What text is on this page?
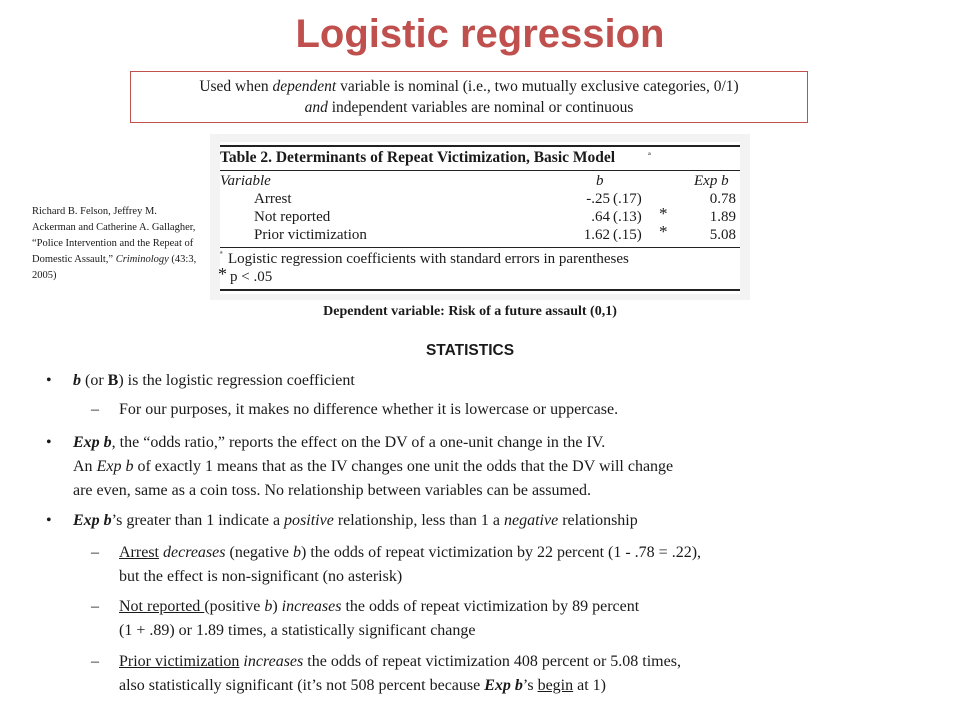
Logistic regression
Used when dependent variable is nominal (i.e., two mutually exclusive categories, 0/1)
and independent variables are nominal or continuous
Richard B. Felson, Jeffrey M. Ackerman and Catherine A. Gallagher, “Police Intervention and the Repeat of Domestic Assault,” Criminology (43:3, 2005)
Table 2. Determinants of Repeat Victimization, Basic Model	ª
Variable	b	Exp b
Arrest	-.25 (.17)	0.78
Not reported	.64 (.13) *	1.89
Prior victimization	1.62 (.15) *	5.08
ª Logistic regression coefficients with standard errors in parentheses
* p < .05
Dependent variable: Risk of a future assault (0,1)
STATISTICS
• b (or B) is the logistic regression coefficient
– For our purposes, it makes no difference whether it is lowercase or uppercase.
• Exp b, the “odds ratio,” reports the effect on the DV of a one-unit change in the IV.
An Exp b of exactly 1 means that as the IV changes one unit the odds that the DV will change
are even, same as a coin toss. No relationship between variables can be assumed.
• Exp b’s greater than 1 indicate a positive relationship, less than 1 a negative relationship
– Arrest decreases (negative b) the odds of repeat victimization by 22 percent (1 - .78 = .22),
but the effect is non-significant (no asterisk)
– Not reported (positive b) increases the odds of repeat victimization by 89 percent
(1 + .89) or 1.89 times, a statistically significant change
– Prior victimization increases the odds of repeat victimization 408 percent or 5.08 times,
also statistically significant (it’s not 508 percent because Exp b’s begin at 1)
